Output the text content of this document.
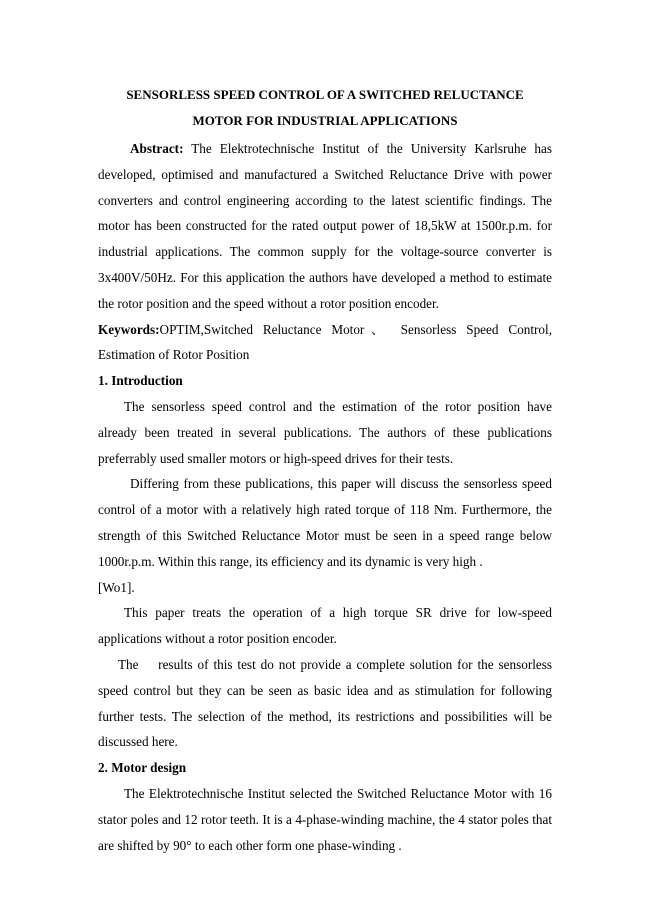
SENSORLESS SPEED CONTROL OF A SWITCHED RELUCTANCE
MOTOR FOR INDUSTRIAL APPLICATIONS

Abstract: The Elektrotechnische Institut of the University Karlsruhe has developed, optimised and manufactured a Switched Reluctance Drive with power converters and control engineering according to the latest scientific findings. The motor has been constructed for the rated output power of 18,5kW at 1500r.p.m. for industrial applications. The common supply for the voltage-source converter is 3x400V/50Hz. For this application the authors have developed a method to estimate the rotor position and the speed without a rotor position encoder.

Keywords:OPTIM,Switched Reluctance Motor、 Sensorless Speed Control, Estimation of Rotor Position

1. Introduction

The sensorless speed control and the estimation of the rotor position have already been treated in several publications. The authors of these publications preferrably used smaller motors or high-speed drives for their tests.

Differing from these publications, this paper will discuss the sensorless speed control of a motor with a relatively high rated torque of 118 Nm. Furthermore, the strength of this Switched Reluctance Motor must be seen in a speed range below 1000r.p.m. Within this range, its efficiency and its dynamic is very high .

[Wo1].

This paper treats the operation of a high torque SR drive for low-speed applications without a rotor position encoder.

The    results of this test do not provide a complete solution for the sensorless speed control but they can be seen as basic idea and as stimulation for following further tests. The selection of the method, its restrictions and possibilities will be discussed here.

2. Motor design

The Elektrotechnische Institut selected the Switched Reluctance Motor with 16 stator poles and 12 rotor teeth. It is a 4-phase-winding machine, the 4 stator poles that are shifted by 90° to each other form one phase-winding .
